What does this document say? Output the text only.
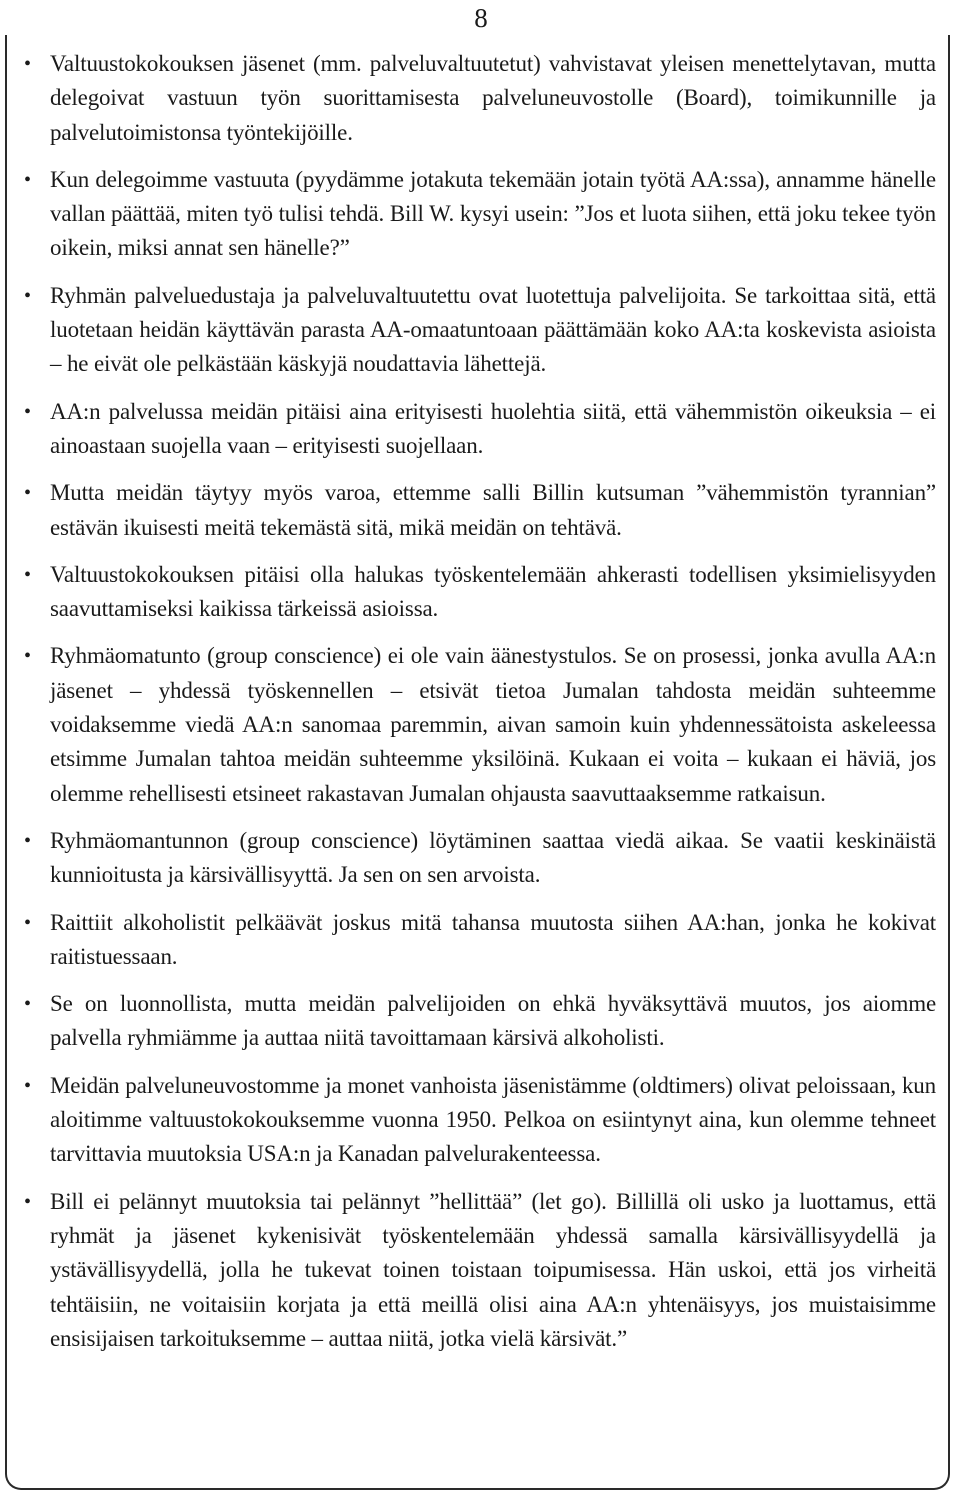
8
• Valtuustokokouksen jäsenet (mm. palveluvaltuutetut) vahvistavat yleisen menettelytavan, mutta delegoivat vastuun työn suorittamisesta palveluneuvostolle (Board), toimikunnille ja palvelutoimistonsa työntekijöille.
• Kun delegoimme vastuuta (pyydämme jotakuta tekemään jotain työtä AA:ssa), annamme hänelle vallan päättää, miten työ tulisi tehdä. Bill W. kysyi usein: ”Jos et luota siihen, että joku tekee työn oikein, miksi annat sen hänelle?”
• Ryhmän palveluedustaja ja palveluvaltuutettu ovat luotettuja palvelijoita. Se tarkoittaa sitä, että luotetaan heidän käyttävän parasta AA-omaatuntoaan päättämään koko AA:ta koskevista asioista – he eivät ole pelkästään käskyjä noudattavia lähettejä.
• AA:n palvelussa meidän pitäisi aina erityisesti huolehtia siitä, että vähemmistön oikeuksia – ei ainoastaan suojella vaan – erityisesti suojellaan.
• Mutta meidän täytyy myös varoa, ettemme salli Billin kutsuman ”vähemmistön tyrannian” estävän ikuisesti meitä tekemästä sitä, mikä meidän on tehtävä.
• Valtuustokokouksen pitäisi olla halukas työskentelemään ahkerasti todellisen yksimielisyyden saavuttamiseksi kaikissa tärkeissä asioissa.
• Ryhmäomatunto (group conscience) ei ole vain äänestystulos. Se on prosessi, jonka avulla AA:n jäsenet – yhdessä työskennellen – etsivät tietoa Jumalan tahdosta meidän suhteemme voidaksemme viedä AA:n sanomaa paremmin, aivan samoin kuin yhdennessätoista askeleessa etsimme Jumalan tahtoa meidän suhteemme yksilöinä. Kukaan ei voita – kukaan ei häviä, jos olemme rehellisesti etsineet rakastavan Jumalan ohjausta saavuttaaksemme ratkaisun.
• Ryhmäomantunnon (group conscience) löytäminen saattaa viedä aikaa. Se vaatii keskinäistä kunnioitusta ja kärsivällisyyttä. Ja sen on sen arvoista.
• Raittiit alkoholistit pelkäävät joskus mitä tahansa muutosta siihen AA:han, jonka he kokivat raitistuessaan.
• Se on luonnollista, mutta meidän palvelijoiden on ehkä hyväksyttävä muutos, jos aiomme palvella ryhmiämme ja auttaa niitä tavoittamaan kärsivä alkoholisti.
• Meidän palveluneuvostomme ja monet vanhoista jäsenistämme (oldtimers) olivat peloissaan, kun aloitimme valtuustokokouksemme vuonna 1950. Pelkoa on esiintynyt aina, kun olemme tehneet tarvittavia muutoksia USA:n ja Kanadan palvelurakenteessa.
• Bill ei pelännyt muutoksia tai pelännyt ”hellittää” (let go). Billillä oli usko ja luottamus, että ryhmät ja jäsenet kykenisivät työskentelemään yhdessä samalla kärsivällisyydellä ja ystävällisyydellä, jolla he tukevat toinen toistaan toipumisessa. Hän uskoi, että jos virheitä tehtäisiin, ne voitaisiin korjata ja että meillä olisi aina AA:n yhtenäisyys, jos muistaisimme ensisijaisen tarkoituksemme – auttaa niitä, jotka vielä kärsivät.”
